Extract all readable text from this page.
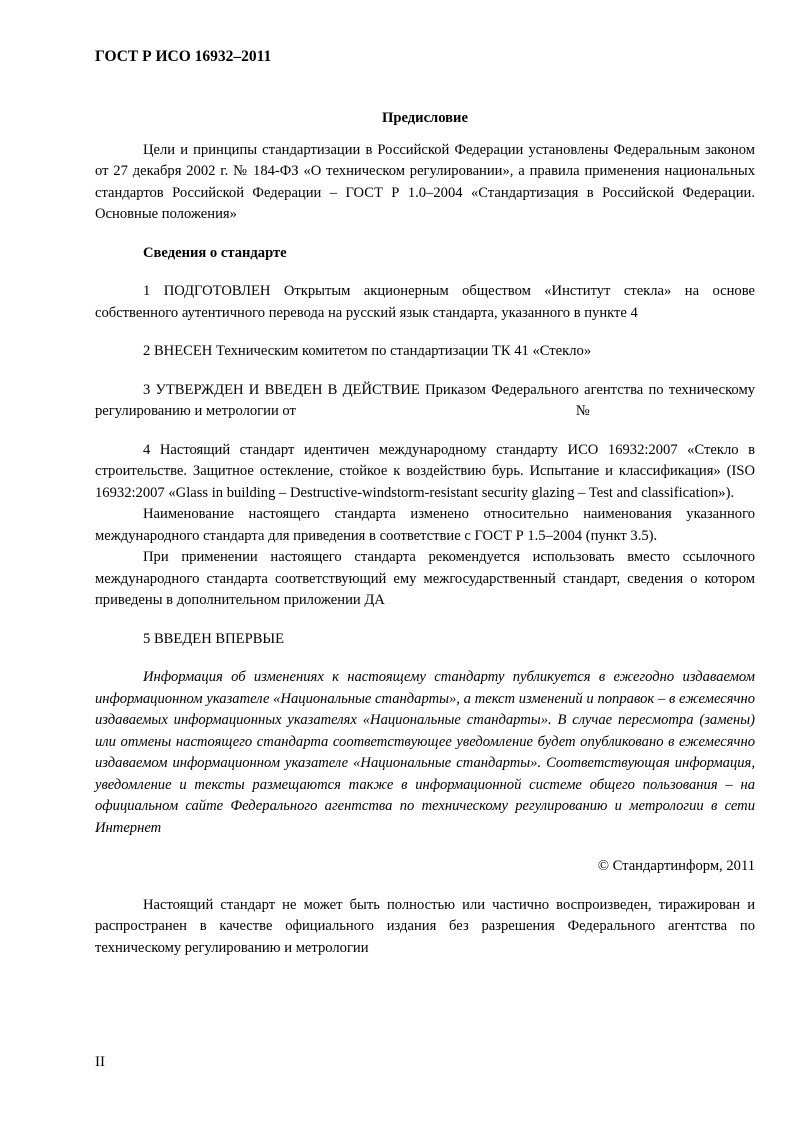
ГОСТ Р ИСО 16932–2011

Предисловие

Цели и принципы стандартизации в Российской Федерации установлены Федеральным законом от 27 декабря 2002 г. № 184-ФЗ «О техническом регулировании», а правила применения национальных стандартов Российской Федерации – ГОСТ Р 1.0–2004 «Стандартизация в Российской Федерации. Основные положения»

Сведения о стандарте

1 ПОДГОТОВЛЕН Открытым акционерным обществом «Институт стекла» на основе собственного аутентичного перевода на русский язык стандарта, указанного в пункте 4

2 ВНЕСЕН Техническим комитетом по стандартизации ТК 41 «Стекло»

3 УТВЕРЖДЕН И ВВЕДЕН В ДЕЙСТВИЕ Приказом Федерального агентства по техническому регулированию и метрологии от	№

4 Настоящий стандарт идентичен международному стандарту ИСО 16932:2007 «Стекло в строительстве. Защитное остекление, стойкое к воздействию бурь. Испытание и классификация» (ISO 16932:2007 «Glass in building – Destructive-windstorm-resistant security glazing – Test and classification»).

Наименование настоящего стандарта изменено относительно наименования указанного международного стандарта для приведения в соответствие с ГОСТ Р 1.5–2004 (пункт 3.5).

При применении настоящего стандарта рекомендуется использовать вместо ссылочного международного стандарта соответствующий ему межгосударственный стандарт, сведения о котором приведены в дополнительном приложении ДА

5 ВВЕДЕН ВПЕРВЫЕ

Информация об изменениях к настоящему стандарту публикуется в ежегодно издаваемом информационном указателе «Национальные стандарты», а текст изменений и поправок – в ежемесячно издаваемых информационных указателях «Национальные стандарты». В случае пересмотра (замены) или отмены настоящего стандарта соответствующее уведомление будет опубликовано в ежемесячно издаваемом информационном указателе «Национальные стандарты». Соответствующая информация, уведомление и тексты размещаются также в информационной системе общего пользования – на официальном сайте Федерального агентства по техническому регулированию и метрологии в сети Интернет

© Стандартинформ, 2011

Настоящий стандарт не может быть полностью или частично воспроизведен, тиражирован и распространен в качестве официального издания без разрешения Федерального агентства по техническому регулированию и метрологии

II
